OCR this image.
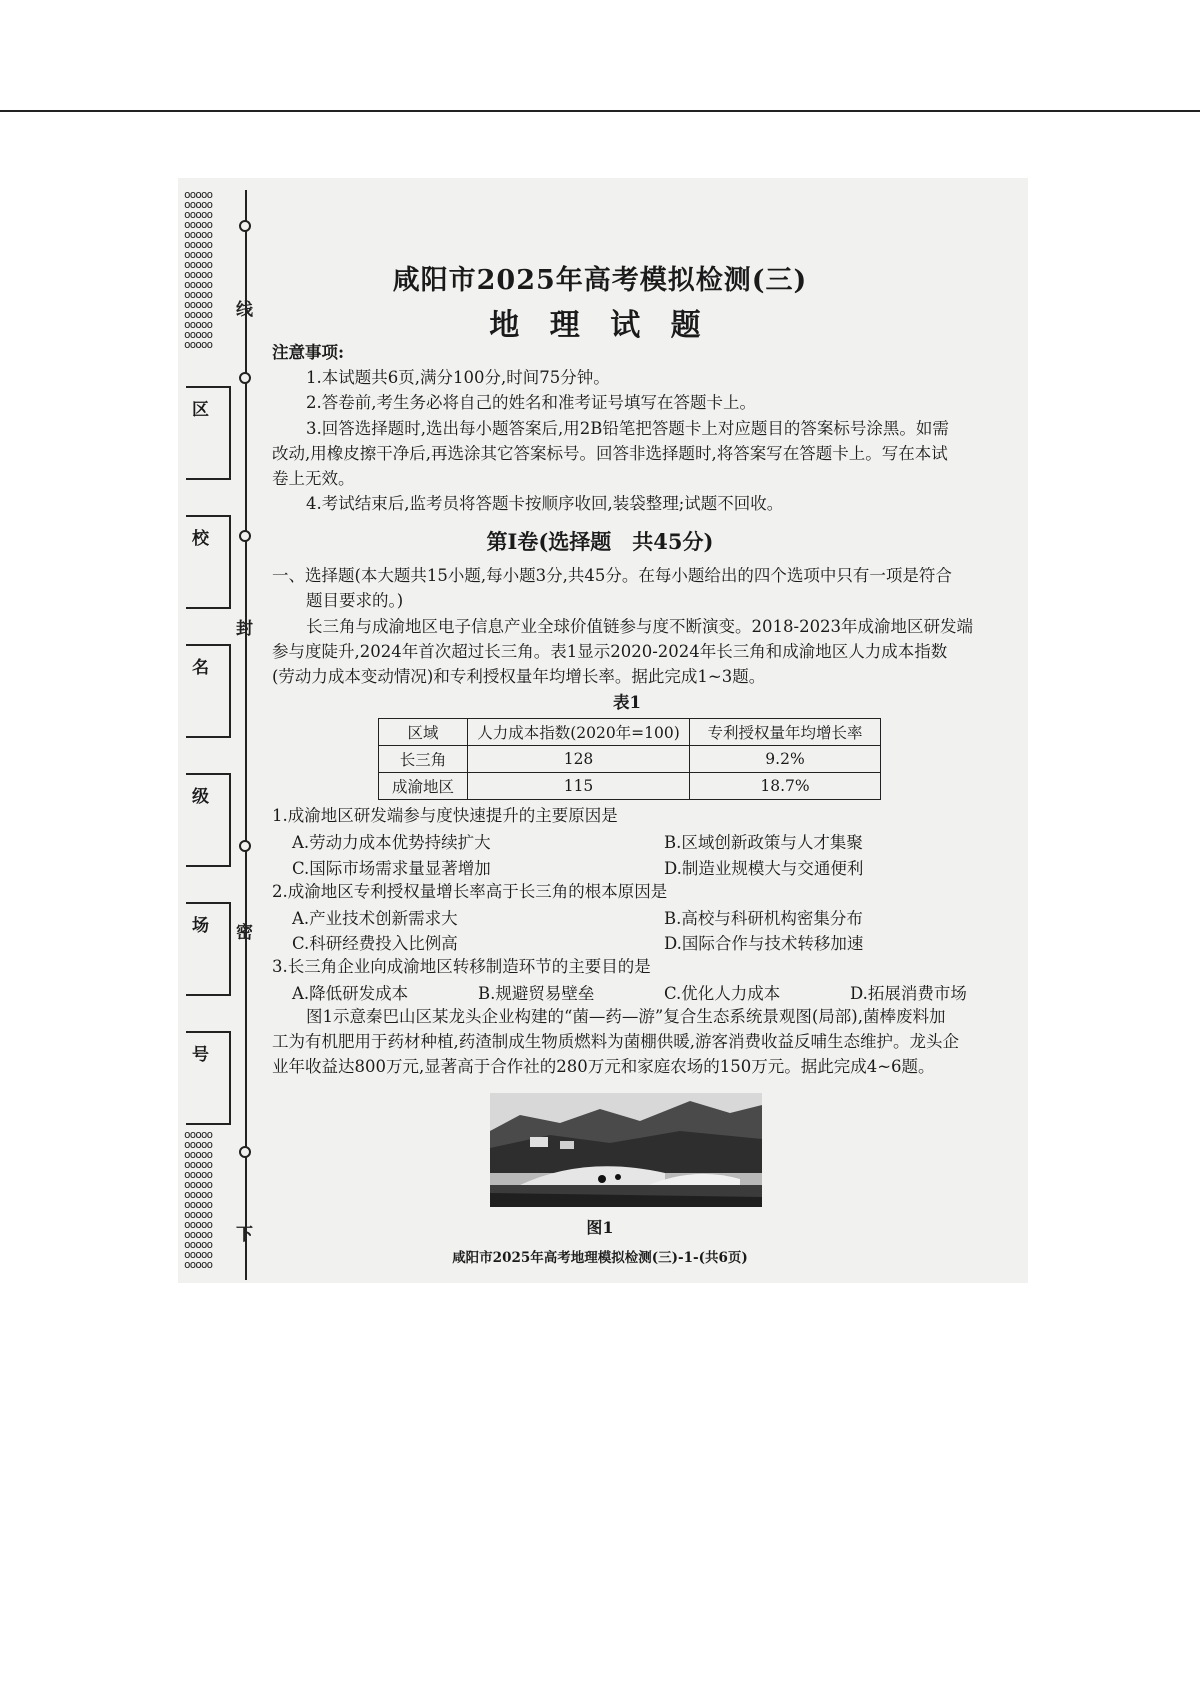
ooooo
ooooo
ooooo
ooooo
ooooo
ooooo
ooooo
ooooo
ooooo
ooooo
ooooo
ooooo
ooooo
ooooo
ooooo
ooooo
ooooo
ooooo
ooooo
ooooo
ooooo
ooooo
ooooo
ooooo
ooooo
ooooo
ooooo
ooooo
ooooo
ooooo
线
封
密
下
区
校
名
级
场
号
咸阳市2025年高考模拟检测(三)
地 理 试 题
注意事项:
1.本试题共6页,满分100分,时间75分钟。
2.答卷前,考生务必将自己的姓名和准考证号填写在答题卡上。
3.回答选择题时,选出每小题答案后,用2B铅笔把答题卡上对应题目的答案标号涂黑。如需
改动,用橡皮擦干净后,再选涂其它答案标号。回答非选择题时,将答案写在答题卡上。写在本试
卷上无效。
4.考试结束后,监考员将答题卡按顺序收回,装袋整理;试题不回收。
第Ⅰ卷(选择题　共45分)
一、选择题(本大题共15小题,每小题3分,共45分。在每小题给出的四个选项中只有一项是符合
题目要求的。)
长三角与成渝地区电子信息产业全球价值链参与度不断演变。2018-2023年成渝地区研发端
参与度陡升,2024年首次超过长三角。表1显示2020-2024年长三角和成渝地区人力成本指数
(劳动力成本变动情况)和专利授权量年均增长率。据此完成1~3题。
表1
区域	人力成本指数(2020年=100)	专利授权量年均增长率
长三角	128	9.2%
成渝地区	115	18.7%
1.成渝地区研发端参与度快速提升的主要原因是
A.劳动力成本优势持续扩大	B.区域创新政策与人才集聚
C.国际市场需求量显著增加	D.制造业规模大与交通便利
2.成渝地区专利授权量增长率高于长三角的根本原因是
A.产业技术创新需求大	B.高校与科研机构密集分布
C.科研经费投入比例高	D.国际合作与技术转移加速
3.长三角企业向成渝地区转移制造环节的主要目的是
A.降低研发成本	B.规避贸易壁垒	C.优化人力成本	D.拓展消费市场
图1示意秦巴山区某龙头企业构建的“菌—药—游”复合生态系统景观图(局部),菌棒废料加
工为有机肥用于药材种植,药渣制成生物质燃料为菌棚供暖,游客消费收益反哺生态维护。龙头企
业年收益达800万元,显著高于合作社的280万元和家庭农场的150万元。据此完成4~6题。
图1
咸阳市2025年高考地理模拟检测(三)-1-(共6页)
